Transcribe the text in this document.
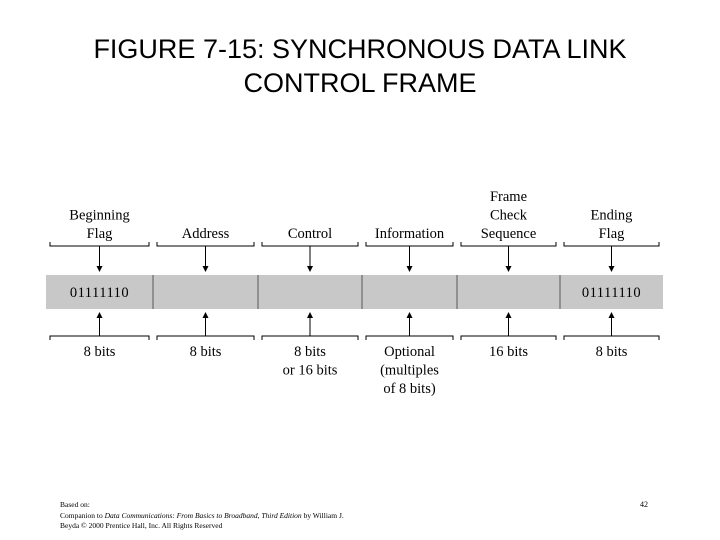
FIGURE 7-15: SYNCHRONOUS DATA LINK
CONTROL FRAME
Beginning
Flag
8 bits
01111110
Address
8 bits
Control
8 bits
or 16 bits
Information
Optional
(multiples
of 8 bits)
Frame
Check
Sequence
16 bits
Ending
Flag
8 bits
01111110
Based on:
Companion to Data Communications: From Basics to Broadband, Third Edition by William J.
Beyda © 2000 Prentice Hall, Inc. All Rights Reserved
42
